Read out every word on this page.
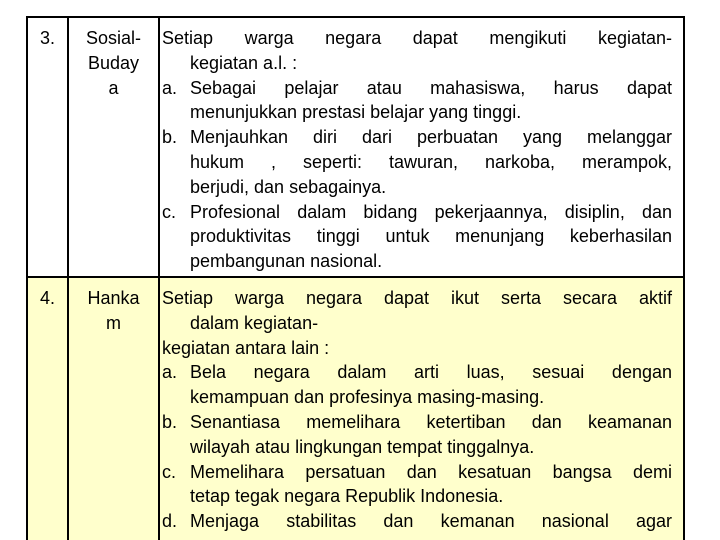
3.	Sosial-
Buday
a
Setiap warga negara dapat mengikuti kegiatan-
kegiatan a.l. :
a. Sebagai pelajar atau mahasiswa, harus dapat
menunjukkan prestasi belajar yang tinggi.
b. Menjauhkan diri dari perbuatan yang melanggar
hukum , seperti: tawuran, narkoba, merampok,
berjudi, dan sebagainya.
c. Profesional dalam bidang pekerjaannya, disiplin, dan
produktivitas tinggi untuk menunjang keberhasilan
pembangunan nasional.
4.	Hanka
m
Setiap warga negara dapat ikut serta secara aktif
dalam kegiatan-
kegiatan antara lain :
a. Bela negara dalam arti luas, sesuai dengan
kemampuan dan profesinya masing-masing.
b. Senantiasa memelihara ketertiban dan keamanan
wilayah atau lingkungan tempat tinggalnya.
c. Memelihara persatuan dan kesatuan bangsa demi
tetap tegak negara Republik Indonesia.
d. Menjaga stabilitas dan kemanan nasional agar
